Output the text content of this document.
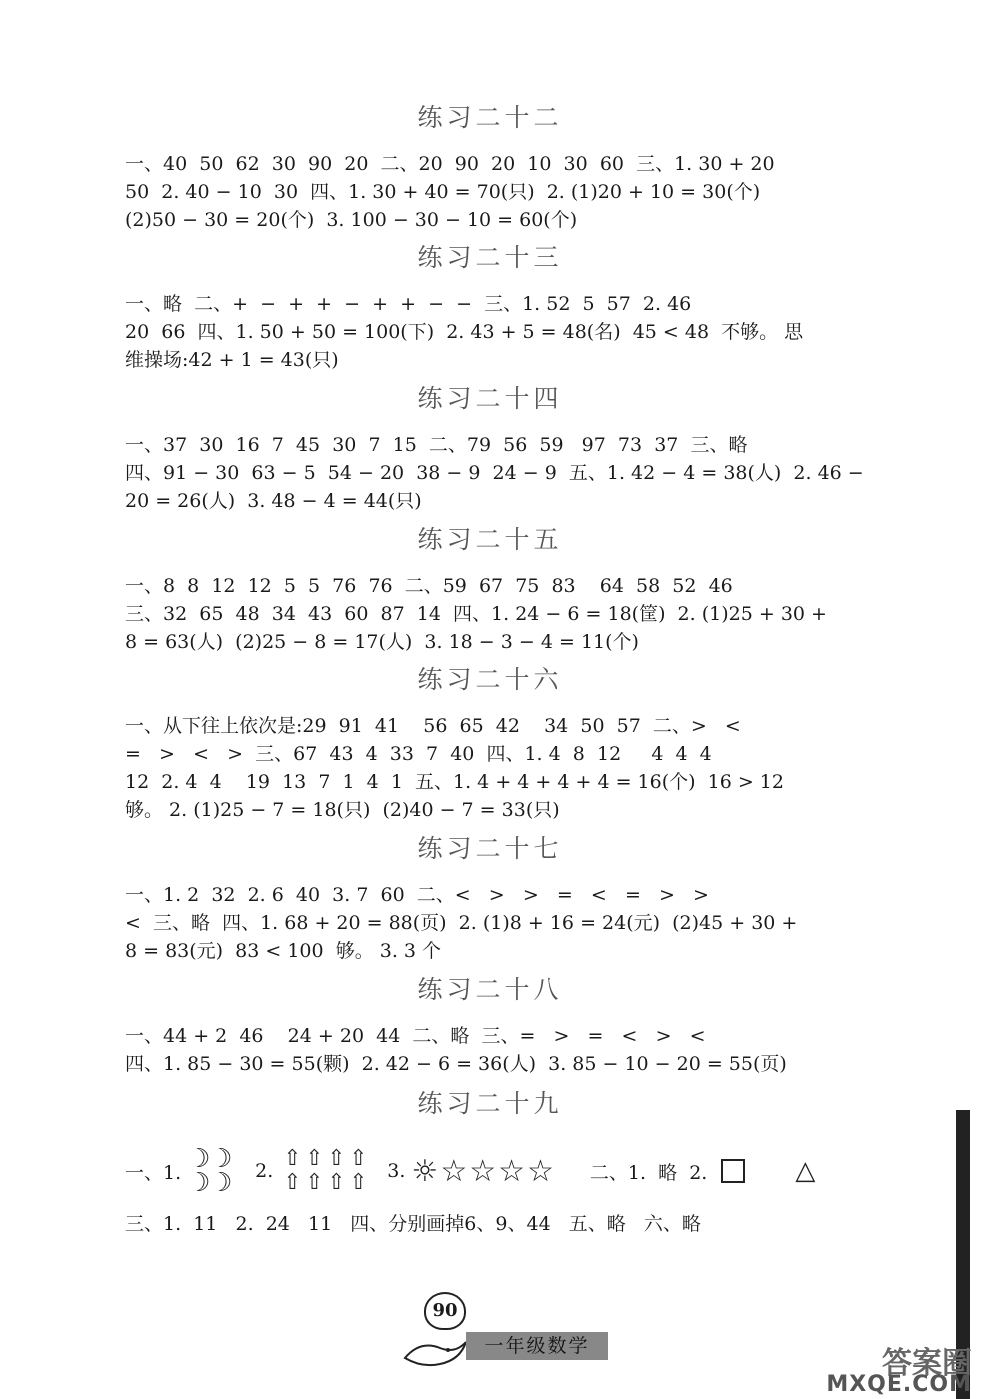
练习二十二
一、40  50  62  30  90  20  二、20  90  20  10  30  60  三、1. 30 + 20
50  2. 40 − 10  30  四、1. 30 + 40 = 70(只)  2. (1)20 + 10 = 30(个)
(2)50 − 30 = 20(个)  3. 100 − 30 − 10 = 60(个)
练习二十三
一、略  二、+  −  +  +  −  +  +  −  −  三、1. 52  5  57  2. 46
20  66  四、1. 50 + 50 = 100(下)  2. 43 + 5 = 48(名)  45 < 48  不够。 思
维操场:42 + 1 = 43(只)
练习二十四
一、37  30  16  7  45  30  7  15  二、79  56  59   97  73  37  三、略
四、91 − 30  63 − 5  54 − 20  38 − 9  24 − 9  五、1. 42 − 4 = 38(人)  2. 46 −
20 = 26(人)  3. 48 − 4 = 44(只)
练习二十五
一、8  8  12  12  5  5  76  76  二、59  67  75  83    64  58  52  46
三、32  65  48  34  43  60  87  14  四、1. 24 − 6 = 18(筐)  2. (1)25 + 30 +
8 = 63(人)  (2)25 − 8 = 17(人)  3. 18 − 3 − 4 = 11(个)
练习二十六
一、从下往上依次是:29  91  41    56  65  42    34  50  57  二、>   <
=   >   <   >  三、67  43  4  33  7  40  四、1. 4  8  12     4  4  4
12  2. 4  4    19  13  7  1  4  1  五、1. 4 + 4 + 4 + 4 = 16(个)  16 > 12
够。 2. (1)25 − 7 = 18(只)  (2)40 − 7 = 33(只)
练习二十七
一、1. 2  32  2. 6  40  3. 7  60  二、<   >   >   =   <   =   >   >
<  三、略  四、1. 68 + 20 = 88(页)  2. (1)8 + 16 = 24(元)  (2)45 + 30 +
8 = 83(元)  83 < 100  够。 3. 3 个
练习二十八
一、44 + 2  46    24 + 20  44  二、略  三、=   >   =   <   >   <
四、1. 85 − 30 = 55(颗)  2. 42 − 6 = 36(人)  3. 85 − 10 − 20 = 55(页)
练习二十九
一、1. ☽
☽
☽
☽ 2. ⇧ ⇧ ⇧ ⇧
⇧ ⇧ ⇧ ⇧ 3. ☼☆☆☆☆ 二、1.  略  2.	△
三、1.  11   2.  24   11   四、分别画掉6、9、44   五、略   六、略
90
一年级数学	答案圈
MXQE.COM
